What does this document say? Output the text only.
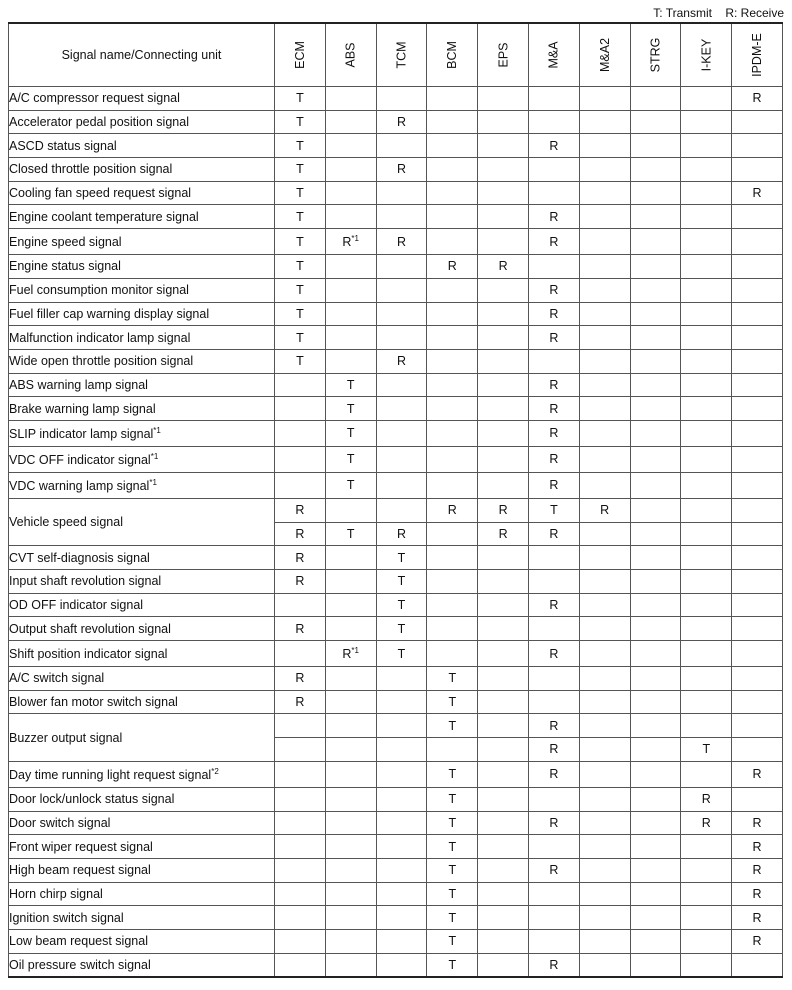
T: Transmit R: Receive
Signal name/Connecting unit	ECM	ABS	TCM	BCM	EPS	M&A	M&A2	STRG	I-KEY	IPDM-E
A/C compressor request signal	T									R
Accelerator pedal position signal	T		R							
ASCD status signal	T					R				
Closed throttle position signal	T		R							
Cooling fan speed request signal	T									R
Engine coolant temperature signal	T					R				
Engine speed signal	T	$R^{*1}$	R			R				
Engine status signal	T			R	R					
Fuel consumption monitor signal	T					R				
Fuel filler cap warning display signal	T					R				
Malfunction indicator lamp signal	T					R				
Wide open throttle position signal	T		R							
ABS warning lamp signal		T				R				
Brake warning lamp signal		T				R				
SLIP indicator lamp signal$^{*1}$		T				R				
VDC OFF indicator signal$^{*1}$		T				R				
VDC warning lamp signal$^{*1}$		T				R				
Vehicle speed signal	R			R	R	T	R			
	R	T	R		R	R				
CVT self-diagnosis signal	R		T							
Input shaft revolution signal	R		T							
OD OFF indicator signal			T			R				
Output shaft revolution signal	R		T							
Shift position indicator signal		$R^{*1}$	T			R				
A/C switch signal	R			T						
Blower fan motor switch signal	R			T						
Buzzer output signal				T		R				
						R			T	
Day time running light request signal$^{*2}$				T		R				R
Door lock/unlock status signal				T					R	
Door switch signal				T		R			R	R
Front wiper request signal				T						R
High beam request signal				T		R				R
Horn chirp signal				T						R
Ignition switch signal				T						R
Low beam request signal				T						R
Oil pressure switch signal				T		R				
